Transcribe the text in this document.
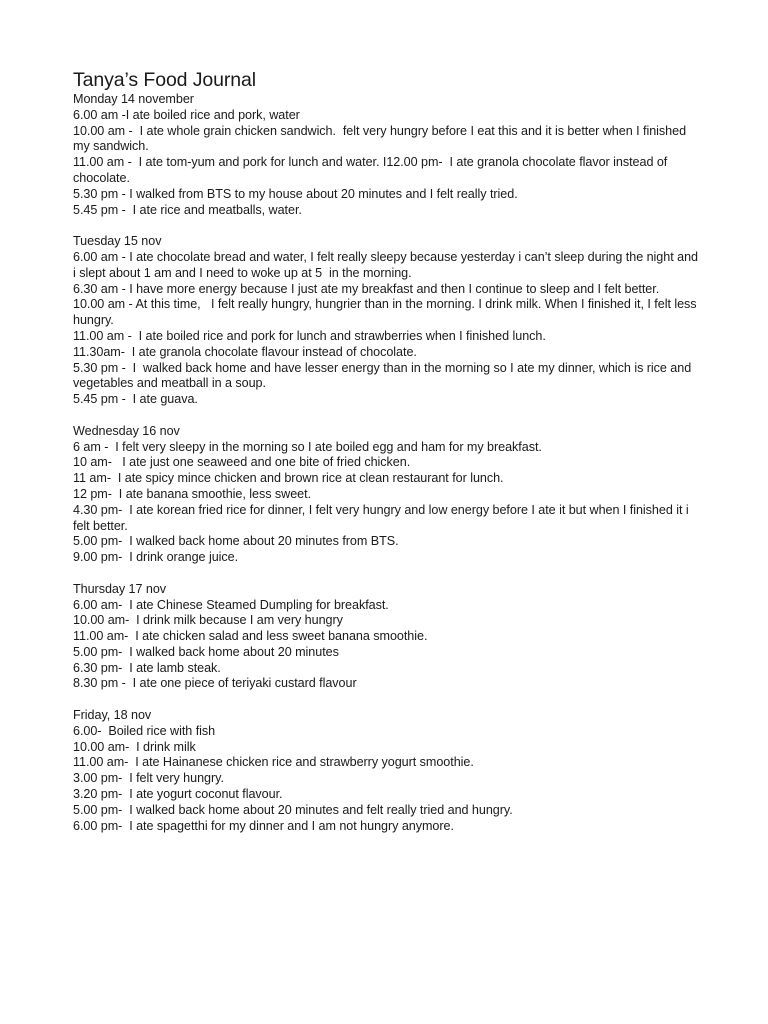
Tanya’s Food Journal

Monday 14 november

6.00 am -I ate boiled rice and pork, water

10.00 am -  I ate whole grain chicken sandwich.  felt very hungry before I eat this and it is better when I finished my sandwich.

11.00 am -  I ate tom-yum and pork for lunch and water. I12.00 pm-  I ate granola chocolate flavor instead of chocolate.

5.30 pm - I walked from BTS to my house about 20 minutes and I felt really tried.

5.45 pm -  I ate rice and meatballs, water.

Tuesday 15 nov

6.00 am - I ate chocolate bread and water, I felt really sleepy because yesterday i can’t sleep during the night and i slept about 1 am and I need to woke up at 5  in the morning.

6.30 am - I have more energy because I just ate my breakfast and then I continue to sleep and I felt better.

10.00 am - At this time,   I felt really hungry, hungrier than in the morning. I drink milk. When I finished it, I felt less hungry.

11.00 am -  I ate boiled rice and pork for lunch and strawberries when I finished lunch.

11.30am-  I ate granola chocolate flavour instead of chocolate.

5.30 pm -  I  walked back home and have lesser energy than in the morning so I ate my dinner, which is rice and vegetables and meatball in a soup.

5.45 pm -  I ate guava.

Wednesday 16 nov

6 am -  I felt very sleepy in the morning so I ate boiled egg and ham for my breakfast.

10 am-   I ate just one seaweed and one bite of fried chicken.

11 am-  I ate spicy mince chicken and brown rice at clean restaurant for lunch.

12 pm-  I ate banana smoothie, less sweet.

4.30 pm-  I ate korean fried rice for dinner, I felt very hungry and low energy before I ate it but when I finished it i felt better.

5.00 pm-  I walked back home about 20 minutes from BTS.

9.00 pm-  I drink orange juice.

Thursday 17 nov

6.00 am-  I ate Chinese Steamed Dumpling for breakfast.

10.00 am-  I drink milk because I am very hungry

11.00 am-  I ate chicken salad and less sweet banana smoothie.

5.00 pm-  I walked back home about 20 minutes

6.30 pm-  I ate lamb steak.

8.30 pm -  I ate one piece of teriyaki custard flavour

Friday, 18 nov

6.00-  Boiled rice with fish

10.00 am-  I drink milk

11.00 am-  I ate Hainanese chicken rice and strawberry yogurt smoothie.

3.00 pm-  I felt very hungry.

3.20 pm-  I ate yogurt coconut flavour.

5.00 pm-  I walked back home about 20 minutes and felt really tried and hungry.

6.00 pm-  I ate spagetthi for my dinner and I am not hungry anymore.
